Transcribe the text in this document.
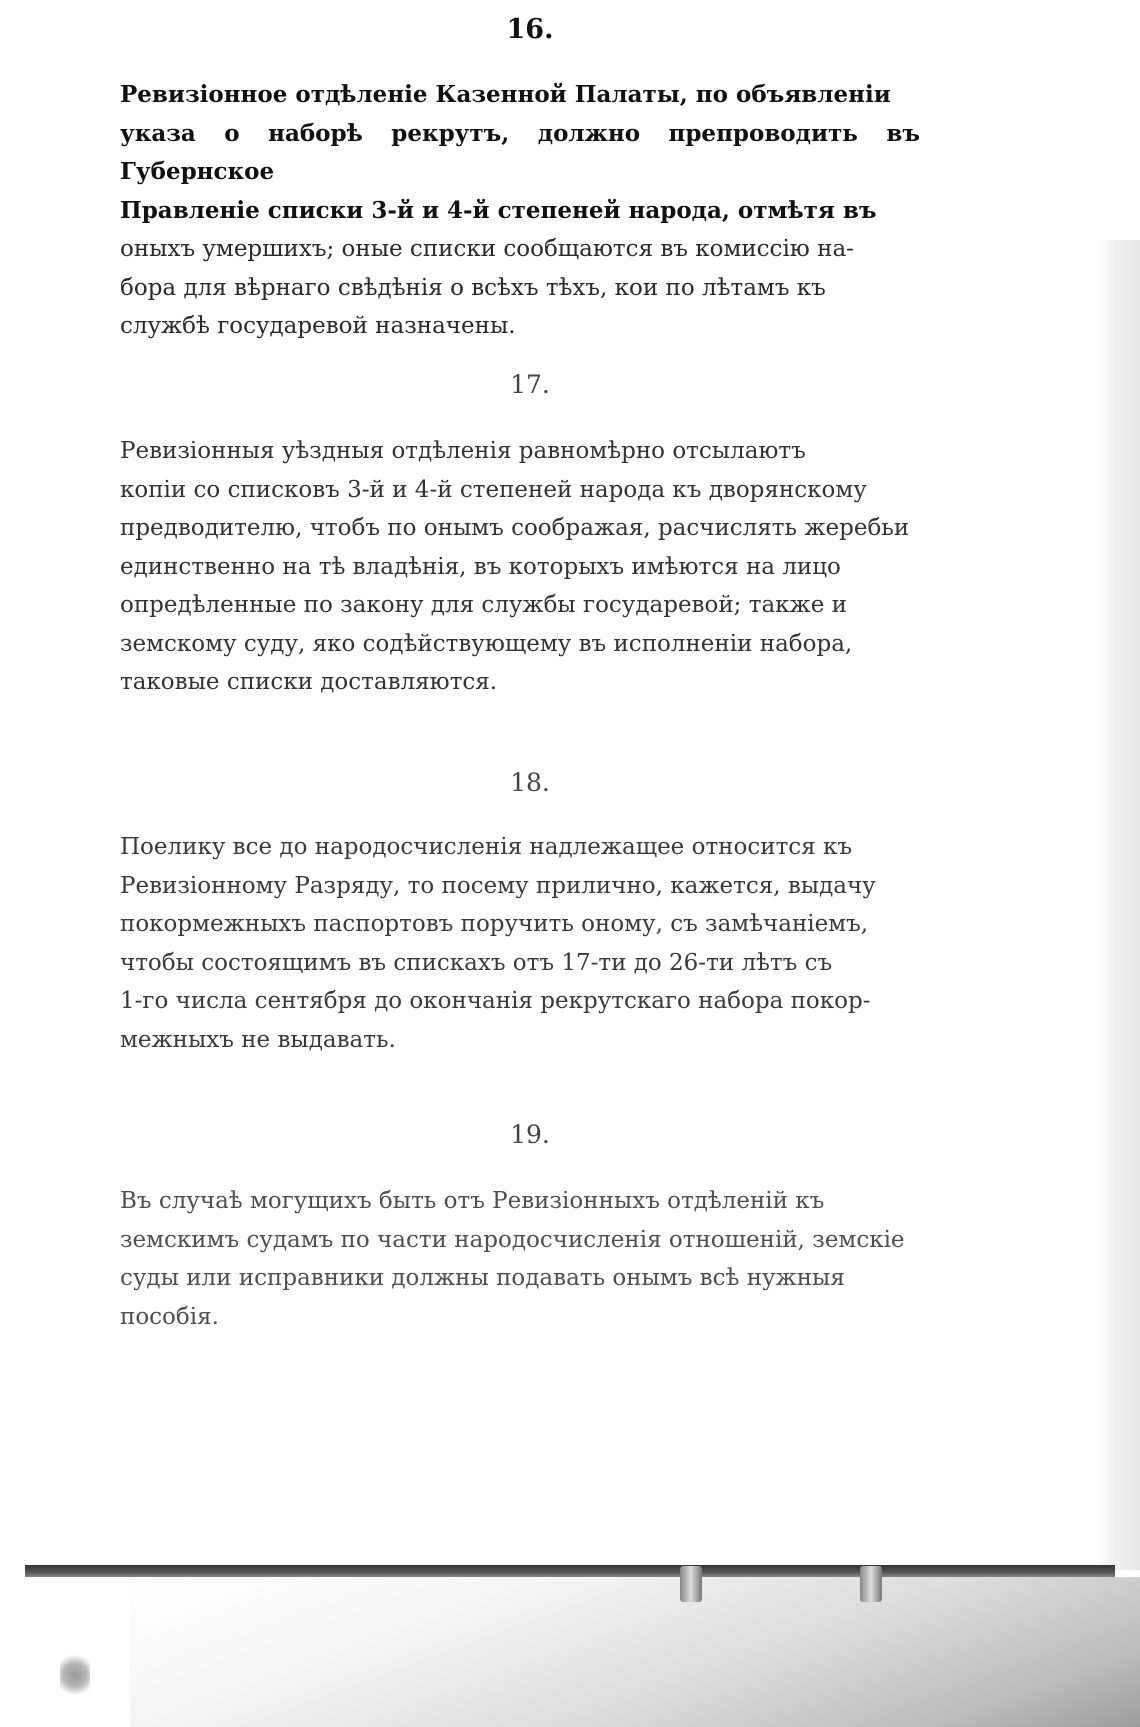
16.
Ревизіонное отдѣленіе Казенной Палаты, по объявленіи
указа о наборѣ рекрутъ, должно препроводить въ Губернское
Правленіе списки 3-й и 4-й степеней народа, отмѣтя въ
оныхъ умершихъ; оные списки сообщаются въ комиссію на-
бора для вѣрнаго свѣдѣнія о всѣхъ тѣхъ, кои по лѣтамъ къ
службѣ государевой назначены.
17.
Ревизіонныя уѣздныя отдѣленія равномѣрно отсылаютъ
копіи со списковъ 3-й и 4-й степеней народа къ дворянскому
предводителю, чтобъ по онымъ соображая, расчислять жеребьи
единственно на тѣ владѣнія, въ которыхъ имѣются на лицо
опредѣленные по закону для службы государевой; также и
земскому суду, яко содѣйствующему въ исполненіи набора,
таковые списки доставляются.
18.
Поелику все до народосчисленія надлежащее относится къ
Ревизіонному Разряду, то посему прилично, кажется, выдачу
покормежныхъ паспортовъ поручить оному, съ замѣчаніемъ,
чтобы состоящимъ въ спискахъ отъ 17-ти до 26-ти лѣтъ съ
1-го числа сентября до окончанія рекрутскаго набора покор-
межныхъ не выдавать.
19.
Въ случаѣ могущихъ быть отъ Ревизіонныхъ отдѣленій къ
земскимъ судамъ по части народосчисленія отношеній, земскіе
суды или исправники должны подавать онымъ всѣ нужныя
пособія.
